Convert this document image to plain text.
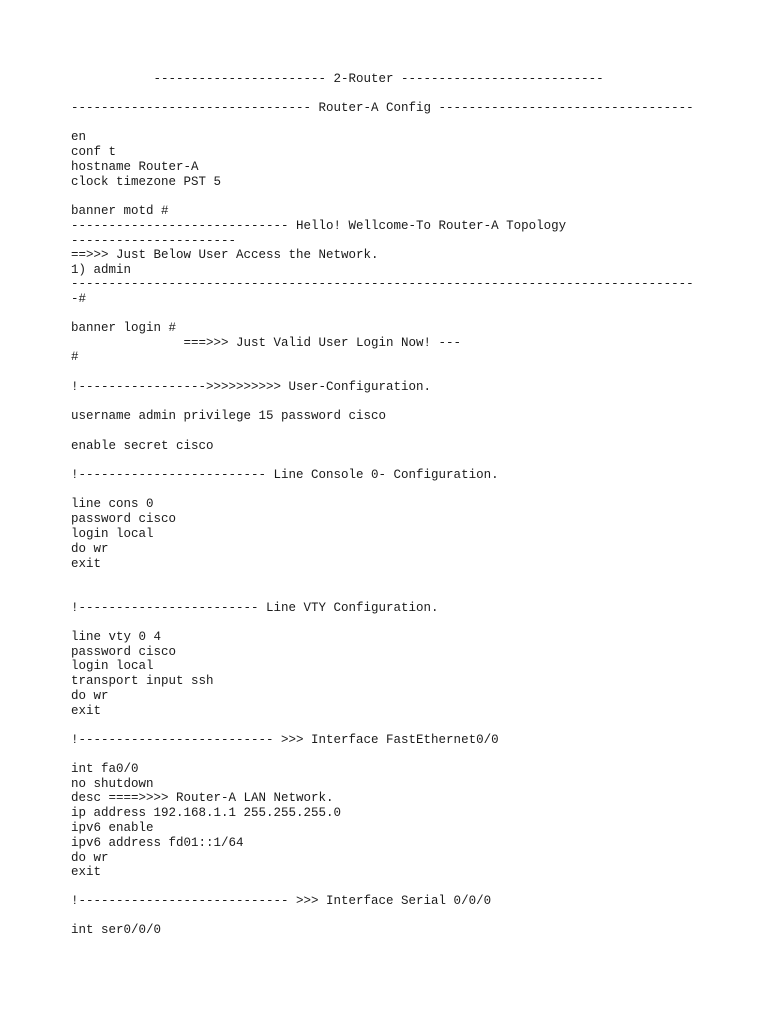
----------------------- 2-Router ---------------------------
-------------------------------- Router-A Config ----------------------------------
en
conf t
hostname Router-A
clock timezone PST 5
banner motd #
----------------------------- Hello! Wellcome-To Router-A Topology
----------------------
==>>> Just Below User Access the Network.
1) admin
-----------------------------------------------------------------------------------
-#
banner login #
===>>> Just Valid User Login Now! ---
#
!----------------->>>>>>>>>> User-Configuration.
username admin privilege 15 password cisco
enable secret cisco
!------------------------- Line Console 0- Configuration.
line cons 0
password cisco
login local
do wr
exit
!------------------------ Line VTY Configuration.
line vty 0 4
password cisco
login local
transport input ssh
do wr
exit
!-------------------------- >>> Interface FastEthernet0/0
int fa0/0
no shutdown
desc ====>>>> Router-A LAN Network.
ip address 192.168.1.1 255.255.255.0
ipv6 enable
ipv6 address fd01::1/64
do wr
exit
!---------------------------- >>> Interface Serial 0/0/0
int ser0/0/0
